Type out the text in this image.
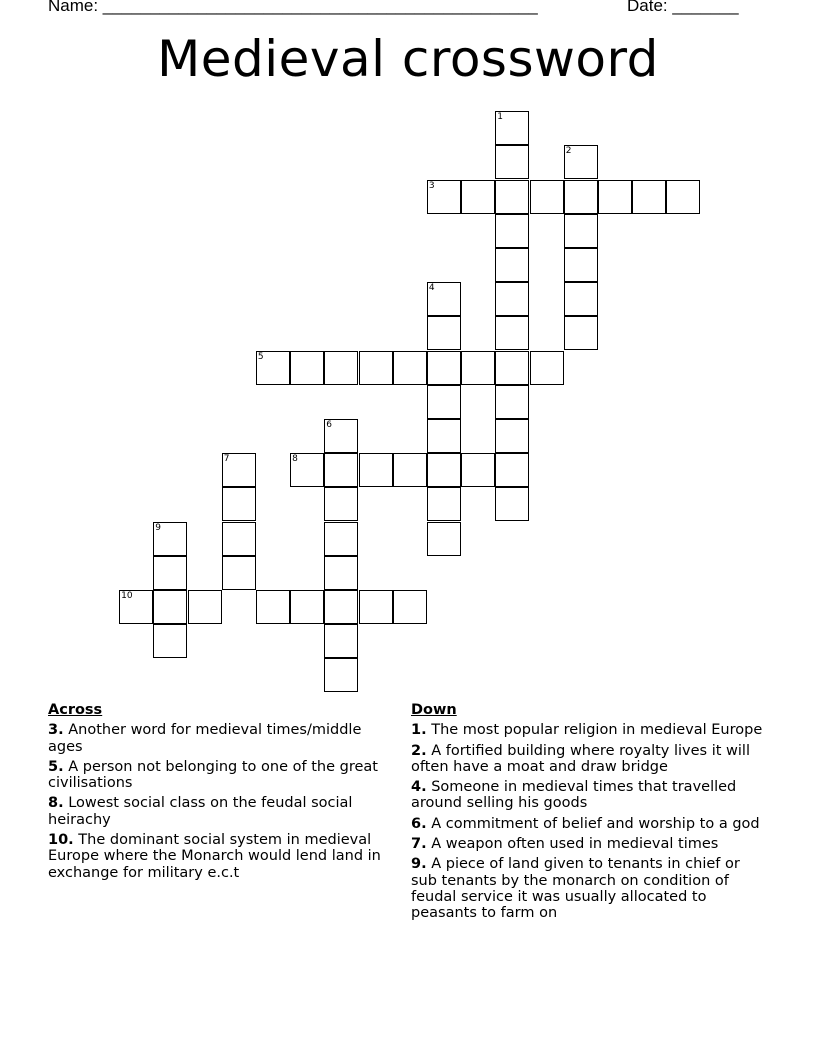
Name: ______________________________________________	Date: _______
Medieval crossword
1
2
3
4
5
6
7	8
9
10
Across
3. Another word for medieval times/middle ages
5. A person not belonging to one of the great civilisations
8. Lowest social class on the feudal social heirachy
10. The dominant social system in medieval Europe where the Monarch would lend land in exchange for military e.c.t
Down
1. The most popular religion in medieval Europe
2. A fortified building where royalty lives it will often have a moat and draw bridge
4. Someone in medieval times that travelled around selling his goods
6. A commitment of belief and worship to a god
7. A weapon often used in medieval times
9. A piece of land given to tenants in chief or sub tenants by the monarch on condition of feudal service it was usually allocated to peasants to farm on
